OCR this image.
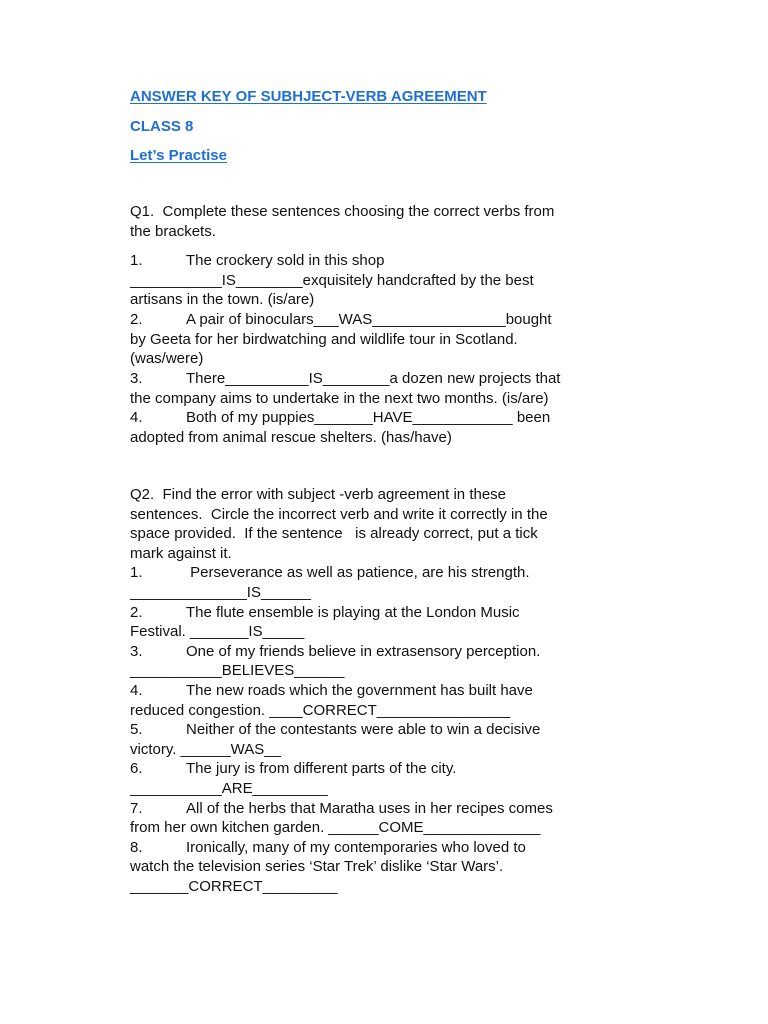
ANSWER KEY OF SUBHJECT-VERB AGREEMENT
CLASS 8
Let’s Practise
Q1.  Complete these sentences choosing the correct verbs from
the brackets.
1.	The crockery sold in this shop
___________IS________exquisitely handcrafted by the best
artisans in the town. (is/are)
2.	A pair of binoculars___WAS________________bought
by Geeta for her birdwatching and wildlife tour in Scotland.
(was/were)
3.	There__________IS________a dozen new projects that
the company aims to undertake in the next two months. (is/are)
4.	Both of my puppies_______HAVE____________ been
adopted from animal rescue shelters. (has/have)
Q2.  Find the error with subject -verb agreement in these
sentences.  Circle the incorrect verb and write it correctly in the
space provided.  If the sentence   is already correct, put a tick
mark against it.
1.	Perseverance as well as patience, are his strength.
______________IS______
2.	The flute ensemble is playing at the London Music
Festival. _______IS_____
3.	One of my friends believe in extrasensory perception.
___________BELIEVES______
4.	The new roads which the government has built have
reduced congestion. ____CORRECT________________
5.	Neither of the contestants were able to win a decisive
victory. ______WAS__
6.	The jury is from different parts of the city.
___________ARE_________
7.	All of the herbs that Maratha uses in her recipes comes
from her own kitchen garden. ______COME______________
8.	Ironically, many of my contemporaries who loved to
watch the television series ‘Star Trek’ dislike ‘Star Wars’.
_______CORRECT_________
